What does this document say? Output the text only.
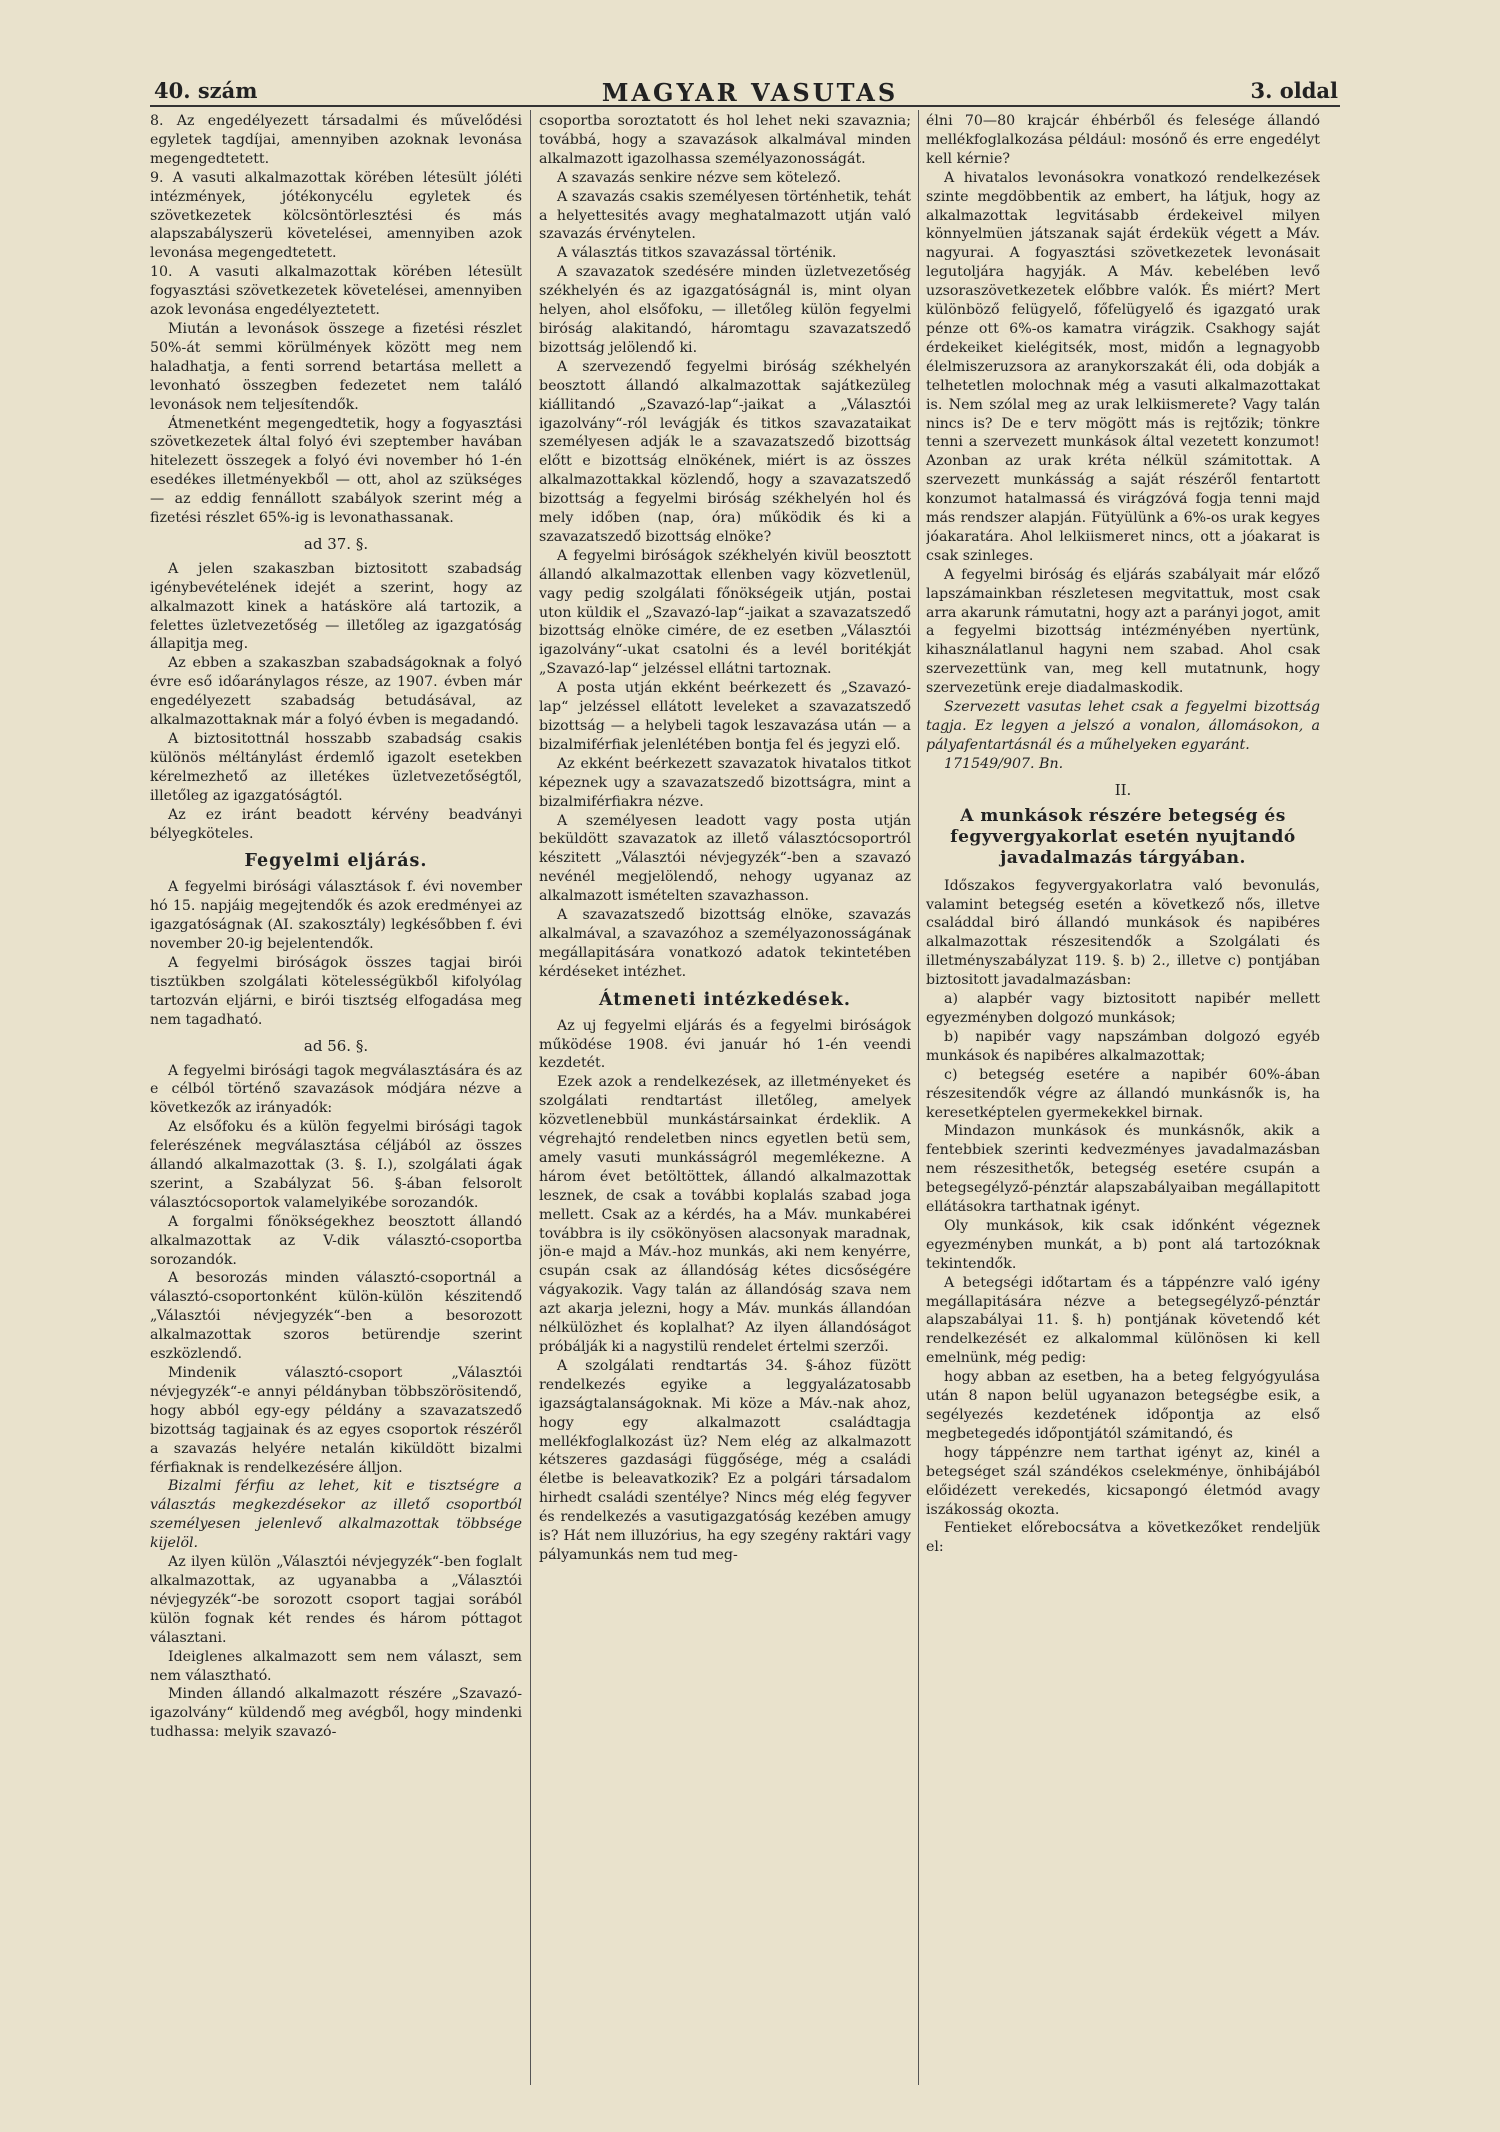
40. szám	MAGYAR VASUTAS	3. oldal

8. Az engedélyezett társadalmi és művelődési egyletek tagdíjai, amennyiben azoknak levonása megengedtetett.

9. A vasuti alkalmazottak körében létesült jóléti intézmények, jótékonycélu egyletek és szövetkezetek kölcsöntörlesztési és más alapszabályszerü követelései, amennyiben azok levonása megengedtetett.

10. A vasuti alkalmazottak körében létesült fogyasztási szövetkezetek követelései, amennyiben azok levonása engedélyeztetett.

Miután a levonások összege a fizetési részlet 50%-át semmi körülmények között meg nem haladhatja, a fenti sorrend betartása mellett a levonható összegben fedezetet nem találó levonások nem teljesítendők.

Átmenetként megengedtetik, hogy a fogyasztási szövetkezetek által folyó évi szeptember havában hitelezett összegek a folyó évi november hó 1-én esedékes illetményekből — ott, ahol az szükséges — az eddig fennállott szabályok szerint még a fizetési részlet 65%-ig is levonathassanak.

ad 37. §.

A jelen szakaszban biztositott szabadság igénybevételének idejét a szerint, hogy az alkalmazott kinek a hatásköre alá tartozik, a felettes üzletvezetőség — illetőleg az igazgatóság állapitja meg.

Az ebben a szakaszban szabadságoknak a folyó évre eső időaránylagos része, az 1907. évben már engedélyezett szabadság betudásával, az alkalmazottaknak már a folyó évben is megadandó.

A biztositottnál hosszabb szabadság csakis különös méltánylást érdemlő igazolt esetekben kérelmezhető az illetékes üzletvezetőségtől, illetőleg az igazgatóságtól.

Az ez iránt beadott kérvény beadványi bélyegköteles.

Fegyelmi eljárás.

A fegyelmi birósági választások f. évi november hó 15. napjáig megejtendők és azok eredményei az igazgatóságnak (AI. szakosztály) legkésőbben f. évi november 20-ig bejelentendők.

A fegyelmi biróságok összes tagjai birói tisztükben szolgálati kötelességükből kifolyólag tartozván eljárni, e birói tisztség elfogadása meg nem tagadható.

ad 56. §.

A fegyelmi birósági tagok megválasztására és az e célból történő szavazások módjára nézve a következők az irányadók:

Az elsőfoku és a külön fegyelmi birósági tagok felerészének megválasztása céljából az összes állandó alkalmazottak (3. §. I.), szolgálati ágak szerint, a Szabályzat 56. §-ában felsorolt választócsoportok valamelyikébe sorozandók.

A forgalmi főnökségekhez beosztott állandó alkalmazottak az V-dik választó-csoportba sorozandók.

A besorozás minden választó-csoportnál a választó-csoportonként külön-külön készitendő „Választói névjegyzék“-ben a besorozott alkalmazottak szoros betürendje szerint eszközlendő.

Mindenik választó-csoport „Választói névjegyzék“-e annyi példányban többszörösitendő, hogy abból egy-egy példány a szavazatszedő bizottság tagjainak és az egyes csoportok részéről a szavazás helyére netalán kiküldött bizalmi férfiaknak is rendelkezésére álljon.

Bizalmi férfiu az lehet, kit e tisztségre a választás megkezdésekor az illető csoportból személyesen jelenlevő alkalmazottak többsége kijelöl.

Az ilyen külön „Választói névjegyzék“-ben foglalt alkalmazottak, az ugyanabba a „Választói névjegyzék“-be sorozott csoport tagjai sorából külön fognak két rendes és három póttagot választani.

Ideiglenes alkalmazott sem nem választ, sem nem választható.

Minden állandó alkalmazott részére „Szavazó-igazolvány“ küldendő meg avégből, hogy mindenki tudhassa: melyik szavazó-

csoportba soroztatott és hol lehet neki szavaznia; továbbá, hogy a szavazások alkalmával minden alkalmazott igazolhassa személyazonosságát.

A szavazás senkire nézve sem kötelező.

A szavazás csakis személyesen történhetik, tehát a helyettesités avagy meghatalmazott utján való szavazás érvénytelen.

A választás titkos szavazással történik.

A szavazatok szedésére minden üzletvezetőség székhelyén és az igazgatóságnál is, mint olyan helyen, ahol elsőfoku, — illetőleg külön fegyelmi biróság alakitandó, háromtagu szavazatszedő bizottság jelölendő ki.

A szervezendő fegyelmi biróság székhelyén beosztott állandó alkalmazottak sajátkezüleg kiállitandó „Szavazó-lap“-jaikat a „Választói igazolvány“-ról levágják és titkos szavazataikat személyesen adják le a szavazatszedő bizottság előtt e bizottság elnökének, miért is az összes alkalmazottakkal közlendő, hogy a szavazatszedő bizottság a fegyelmi biróság székhelyén hol és mely időben (nap, óra) működik és ki a szavazatszedő bizottság elnöke?

A fegyelmi biróságok székhelyén kivül beosztott állandó alkalmazottak ellenben vagy közvetlenül, vagy pedig szolgálati főnökségeik utján, postai uton küldik el „Szavazó-lap“-jaikat a szavazatszedő bizottság elnöke cimére, de ez esetben „Választói igazolvány“-ukat csatolni és a levél boritékját „Szavazó-lap“ jelzéssel ellátni tartoznak.

A posta utján ekként beérkezett és „Szavazó-lap“ jelzéssel ellátott leveleket a szavazatszedő bizottság — a helybeli tagok leszavazása után — a bizalmiférfiak jelenlétében bontja fel és jegyzi elő.

Az ekként beérkezett szavazatok hivatalos titkot képeznek ugy a szavazatszedő bizottságra, mint a bizalmiférfiakra nézve.

A személyesen leadott vagy posta utján beküldött szavazatok az illető választócsoportról készitett „Választói névjegyzék“-ben a szavazó nevénél megjelölendő, nehogy ugyanaz az alkalmazott ismételten szavazhasson.

A szavazatszedő bizottság elnöke, szavazás alkalmával, a szavazóhoz a személyazonosságának megállapitására vonatkozó adatok tekintetében kérdéseket intézhet.

Átmeneti intézkedések.

Az uj fegyelmi eljárás és a fegyelmi biróságok működése 1908. évi január hó 1-én veendi kezdetét.

Ezek azok a rendelkezések, az illetményeket és szolgálati rendtartást illetőleg, amelyek közvetlenebbül munkástársainkat érdeklik. A végrehajtó rendeletben nincs egyetlen betü sem, amely vasuti munkásságról megemlékezne. A három évet betöltöttek, állandó alkalmazottak lesznek, de csak a további koplalás szabad joga mellett. Csak az a kérdés, ha a Máv. munkabérei továbbra is ily csökönyösen alacsonyak maradnak, jön-e majd a Máv.-hoz munkás, aki nem kenyérre, csupán csak az állandóság kétes dicsőségére vágyakozik. Vagy talán az állandóság szava nem azt akarja jelezni, hogy a Máv. munkás állandóan nélkülözhet és koplalhat? Az ilyen állandóságot próbálják ki a nagystilü rendelet értelmi szerzői.

A szolgálati rendtartás 34. §-ához füzött rendelkezés egyike a leggyalázatosabb igazságtalanságoknak. Mi köze a Máv.-nak ahoz, hogy egy alkalmazott családtagja mellékfoglalkozást üz? Nem elég az alkalmazott kétszeres gazdasági függősége, még a családi életbe is beleavatkozik? Ez a polgári társadalom hirhedt családi szentélye? Nincs még elég fegyver és rendelkezés a vasutigazgatóság kezében amugy is? Hát nem illuzórius, ha egy szegény raktári vagy pályamunkás nem tud meg-

élni 70—80 krajcár éhbérből és felesége állandó mellékfoglalkozása például: mosónő és erre engedélyt kell kérnie?

A hivatalos levonásokra vonatkozó rendelkezések szinte megdöbbentik az embert, ha látjuk, hogy az alkalmazottak legvitásabb érdekeivel milyen könnyelmüen játszanak saját érdekük végett a Máv. nagyurai. A fogyasztási szövetkezetek levonásait legutoljára hagyják. A Máv. kebelében levő uzsoraszövetkezetek előbbre valók. És miért? Mert különböző felügyelő, főfelügyelő és igazgató urak pénze ott 6%-os kamatra virágzik. Csakhogy saját érdekeiket kielégitsék, most, midőn a legnagyobb élelmiszeruzsora az aranykorszakát éli, oda dobják a telhetetlen molochnak még a vasuti alkalmazottakat is. Nem szólal meg az urak lelkiismerete? Vagy talán nincs is? De e terv mögött más is rejtőzik; tönkre tenni a szervezett munkások által vezetett konzumot! Azonban az urak kréta nélkül számitottak. A szervezett munkásság a saját részéről fentartott konzumot hatalmassá és virágzóvá fogja tenni majd más rendszer alapján. Fütyülünk a 6%-os urak kegyes jóakaratára. Ahol lelkiismeret nincs, ott a jóakarat is csak szinleges.

A fegyelmi biróság és eljárás szabályait már előző lapszámainkban részletesen megvitattuk, most csak arra akarunk rámutatni, hogy azt a parányi jogot, amit a fegyelmi bizottság intézményében nyertünk, kihasználatlanul hagyni nem szabad. Ahol csak szervezettünk van, meg kell mutatnunk, hogy szervezetünk ereje diadalmaskodik.

Szervezett vasutas lehet csak a fegyelmi bizottság tagja. Ez legyen a jelszó a vonalon, állomásokon, a pályafentartásnál és a műhelyeken egyaránt.

171549/907. Bn.

II.
A munkások részére betegség és fegyvergyakorlat esetén nyujtandó javadalmazás tárgyában.

Időszakos fegyvergyakorlatra való bevonulás, valamint betegség esetén a következő nős, illetve családdal biró állandó munkások és napibéres alkalmazottak részesitendők a Szolgálati és illetményszabályzat 119. §. b) 2., illetve c) pontjában biztositott javadalmazásban:

a) alapbér vagy biztositott napibér mellett egyezményben dolgozó munkások;

b) napibér vagy napszámban dolgozó egyéb munkások és napibéres alkalmazottak;

c) betegség esetére a napibér 60%-ában részesitendők végre az állandó munkásnők is, ha keresetképtelen gyermekekkel birnak.

Mindazon munkások és munkásnők, akik a fentebbiek szerinti kedvezményes javadalmazásban nem részesithetők, betegség esetére csupán a betegsegélyző-pénztár alapszabályaiban megállapitott ellátásokra tarthatnak igényt.

Oly munkások, kik csak időnként végeznek egyezményben munkát, a b) pont alá tartozóknak tekintendők.

A betegségi időtartam és a táppénzre való igény megállapitására nézve a betegsegélyző-pénztár alapszabályai 11. §. h) pontjának követendő két rendelkezését ez alkalommal különösen ki kell emelnünk, még pedig:

hogy abban az esetben, ha a beteg felgyógyulása után 8 napon belül ugyanazon betegségbe esik, a segélyezés kezdetének időpontja az első megbetegedés időpontjától számitandó, és

hogy táppénzre nem tarthat igényt az, kinél a betegséget szál szándékos cselekménye, önhibájából előidézett verekedés, kicsapongó életmód avagy iszákosság okozta.

Fentieket előrebocsátva a következőket rendeljük el:
